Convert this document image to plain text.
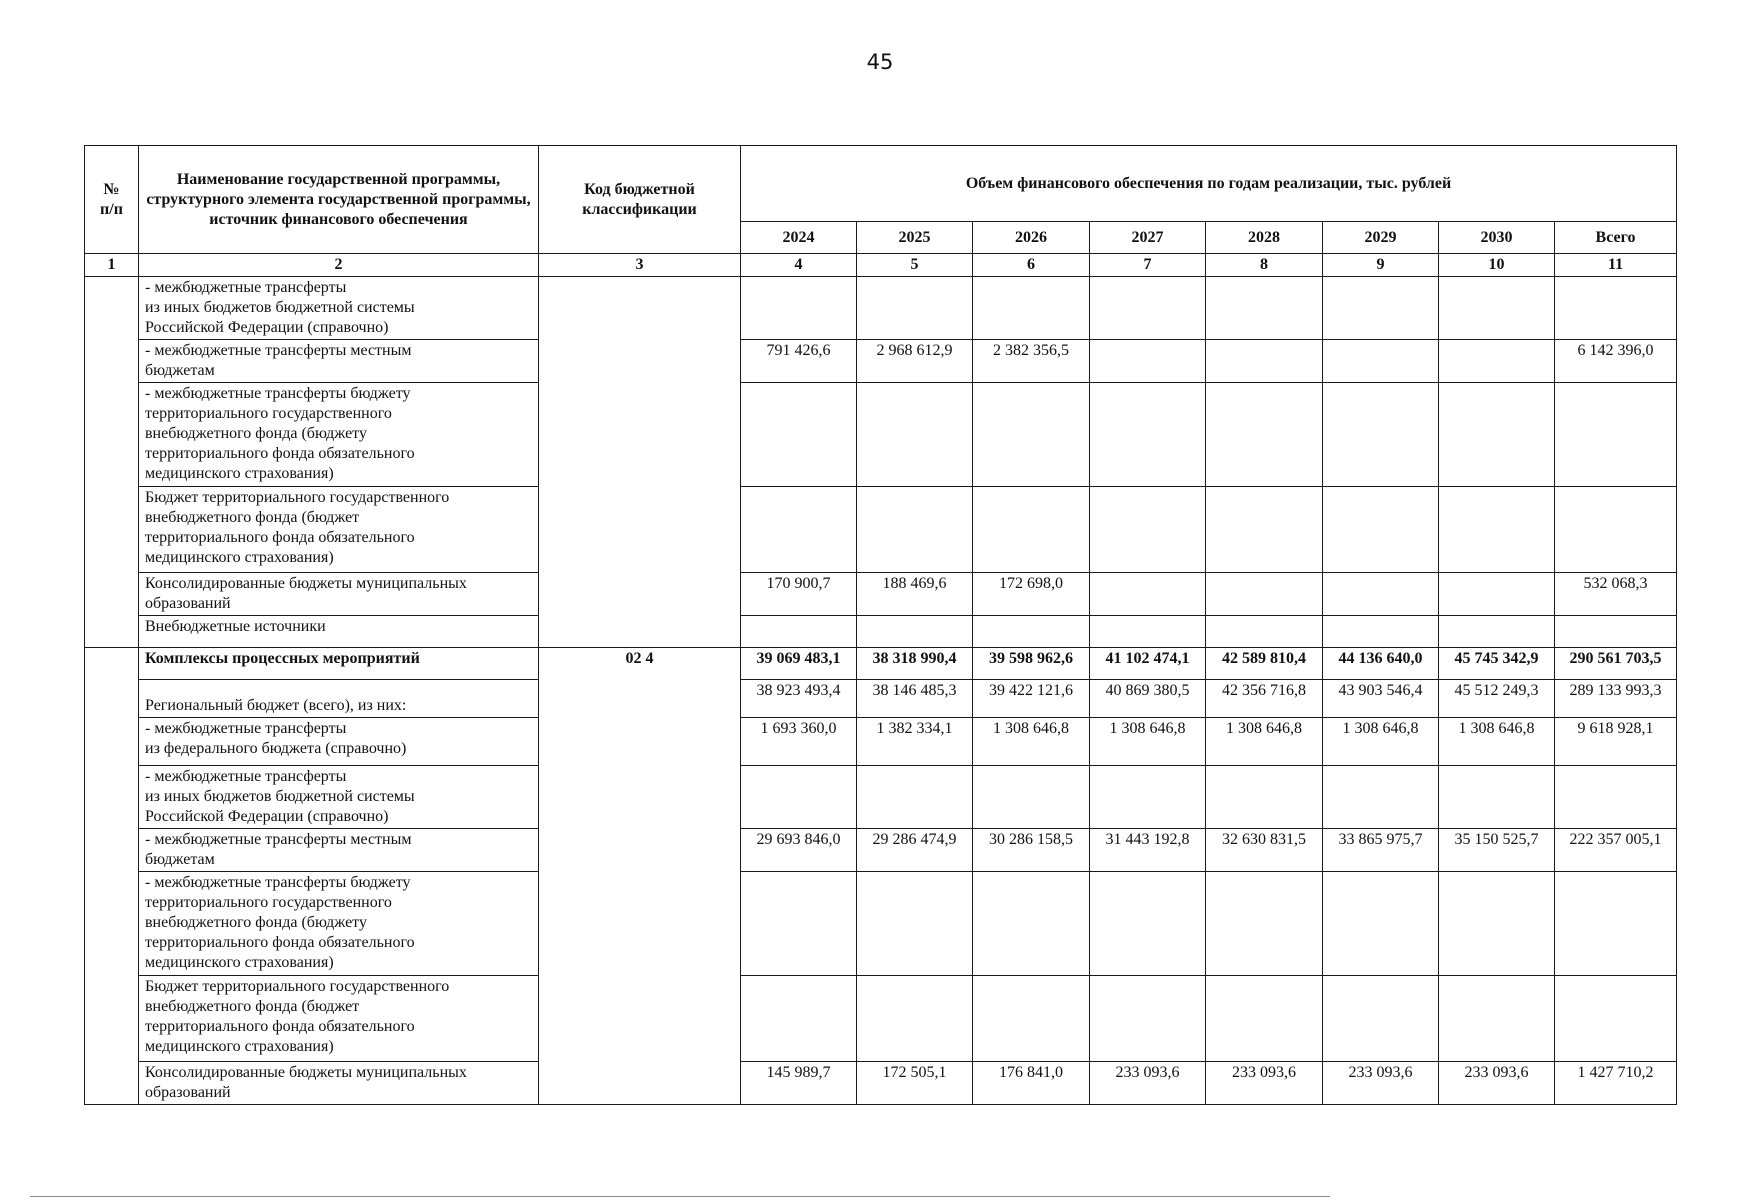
45
№
п/п	Наименование государственной программы, структурного элемента государственной программы, источник финансового обеспечения	Код бюджетной классификации	Объем финансового обеспечения по годам реализации, тыс. рублей							
			2024	2025	2026	2027	2028	2029	2030	Всего
1	2	3	4	5	6	7	8	9	10	11
	- межбюджетные трансферты
из иных бюджетов бюджетной системы
Российской Федерации (справочно)									
	- межбюджетные трансферты местным
бюджетам		791 426,6	2 968 612,9	2 382 356,5					6 142 396,0
	- межбюджетные трансферты бюджету
территориального государственного
внебюджетного фонда (бюджету
территориального фонда обязательного
медицинского страхования)									
	Бюджет территориального государственного
внебюджетного фонда (бюджет
территориального фонда обязательного
медицинского страхования)									
	Консолидированные бюджеты муниципальных
образований		170 900,7	188 469,6	172 698,0					532 068,3
	Внебюджетные источники									
	Комплексы процессных мероприятий	02 4	39 069 483,1	38 318 990,4	39 598 962,6	41 102 474,1	42 589 810,4	44 136 640,0	45 745 342,9	290 561 703,5
	Региональный бюджет (всего), из них:		38 923 493,4	38 146 485,3	39 422 121,6	40 869 380,5	42 356 716,8	43 903 546,4	45 512 249,3	289 133 993,3
	- межбюджетные трансферты
из федерального бюджета (справочно)		1 693 360,0	1 382 334,1	1 308 646,8	1 308 646,8	1 308 646,8	1 308 646,8	1 308 646,8	9 618 928,1
	- межбюджетные трансферты
из иных бюджетов бюджетной системы
Российской Федерации (справочно)									
	- межбюджетные трансферты местным
бюджетам		29 693 846,0	29 286 474,9	30 286 158,5	31 443 192,8	32 630 831,5	33 865 975,7	35 150 525,7	222 357 005,1
	- межбюджетные трансферты бюджету
территориального государственного
внебюджетного фонда (бюджету
территориального фонда обязательного
медицинского страхования)									
	Бюджет территориального государственного
внебюджетного фонда (бюджет
территориального фонда обязательного
медицинского страхования)									
	Консолидированные бюджеты муниципальных
образований		145 989,7	172 505,1	176 841,0	233 093,6	233 093,6	233 093,6	233 093,6	1 427 710,2
